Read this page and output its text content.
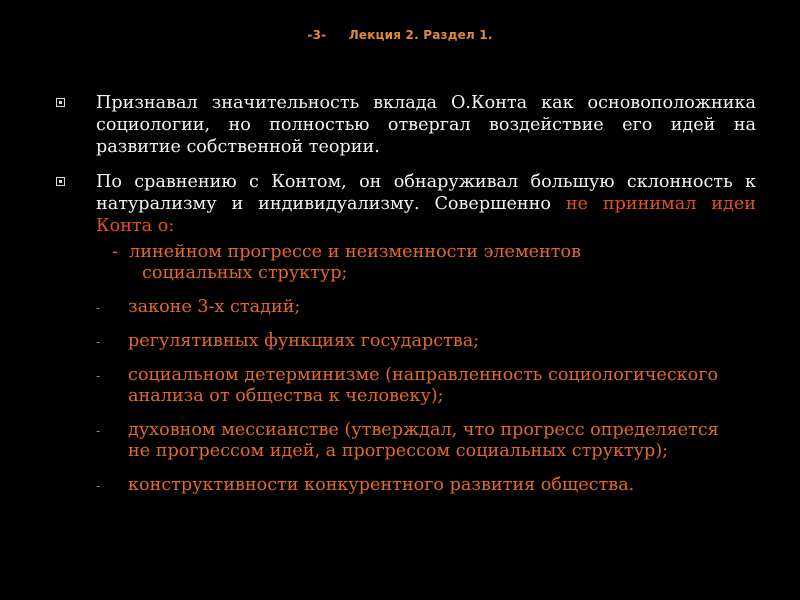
-3- Лекция 2. Раздел 1.
Признавал значительность вклада О.Конта как основоположника социологии, но полностью отвергал воздействие его идей на развитие собственной теории.
По сравнению с Контом, он обнаруживал большую склонность к натурализму и индивидуализму. Совершенно не принимал идеи Конта о:
- линейном прогрессе и неизменности элементов
социальных структур;
- законе 3-х стадий;
- регулятивных функциях государства;
- социальном детерминизме (направленность социологического анализа от общества к человеку);
- духовном мессианстве (утверждал, что прогресс определяется не прогрессом идей, а прогрессом социальных структур);
- конструктивности конкурентного развития общества.
